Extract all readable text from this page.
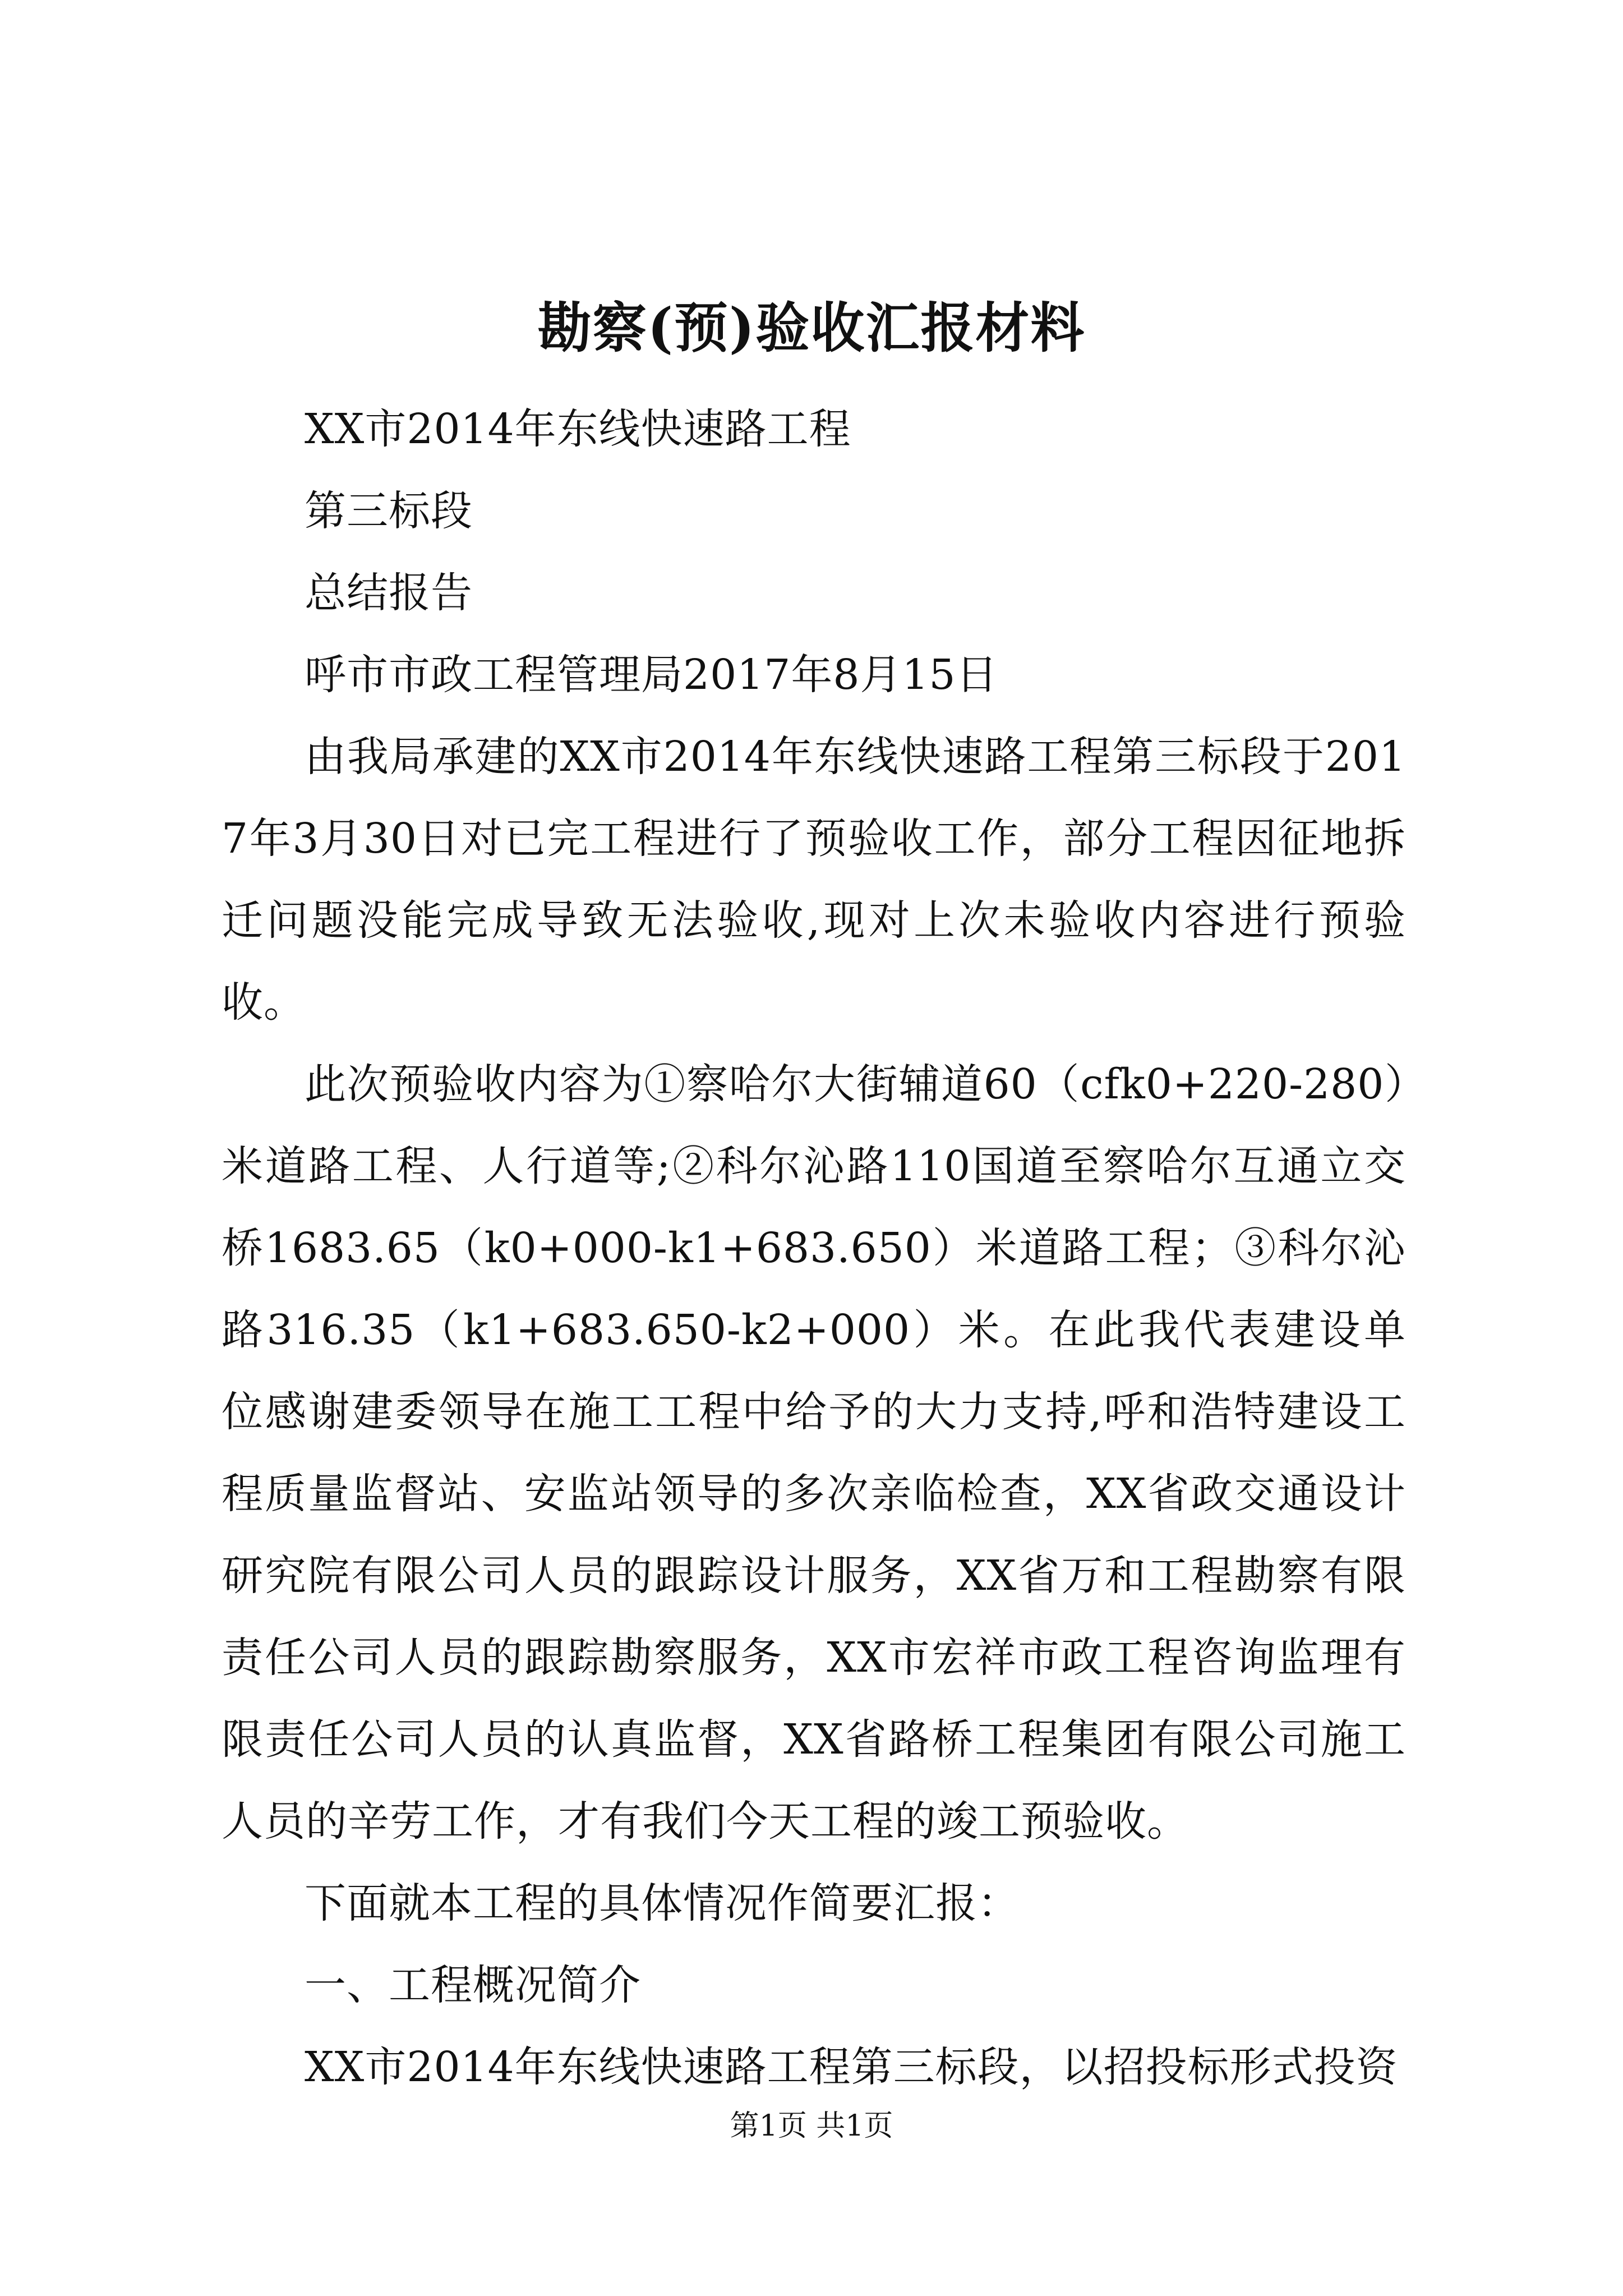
勘察(预)验收汇报材料

XX市2014年东线快速路工程

第三标段

总结报告

呼市市政工程管理局2017年8月15日

由我局承建的XX市2014年东线快速路工程第三标段于2017年3月30日对已完工程进行了预验收工作，部分工程因征地拆迁问题没能完成导致无法验收,现对上次未验收内容进行预验收。

此次预验收内容为①察哈尔大街辅道60（cfk0+220-280）米道路工程、人行道等;②科尔沁路110国道至察哈尔互通立交桥1683.65（k0+000-k1+683.650）米道路工程；③科尔沁路316.35（k1+683.650-k2+000）米。在此我代表建设单位感谢建委领导在施工工程中给予的大力支持,呼和浩特建设工程质量监督站、安监站领导的多次亲临检查，XX省政交通设计研究院有限公司人员的跟踪设计服务，XX省万和工程勘察有限责任公司人员的跟踪勘察服务，XX市宏祥市政工程咨询监理有限责任公司人员的认真监督，XX省路桥工程集团有限公司施工人员的辛劳工作，才有我们今天工程的竣工预验收。

下面就本工程的具体情况作简要汇报：

一、工程概况简介

XX市2014年东线快速路工程第三标段，以招投标形式投资

第1页 共1页
